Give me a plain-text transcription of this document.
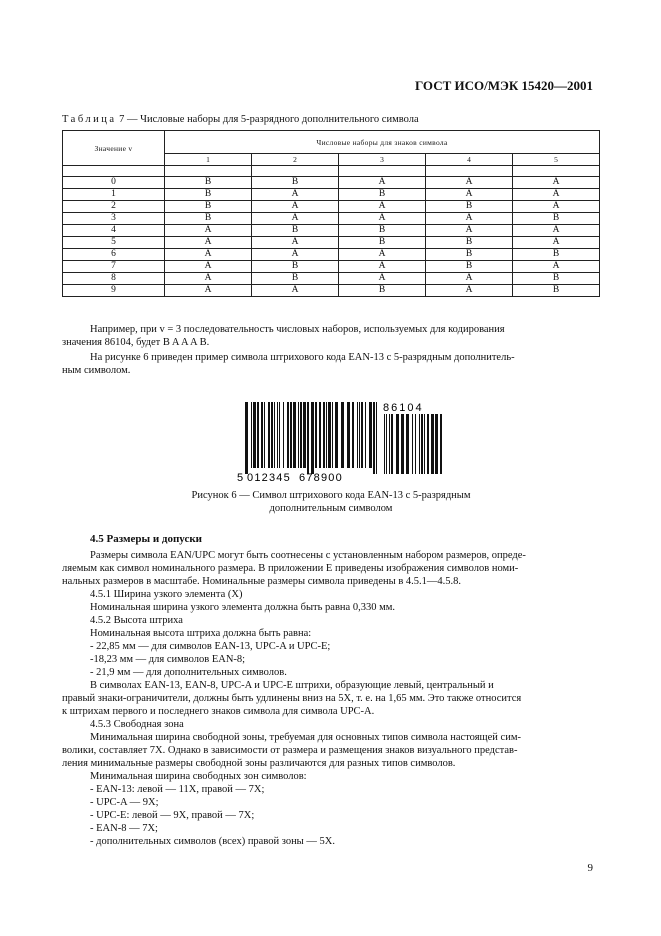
ГОСТ ИСО/МЭК 15420—2001
Таблица 7 — Числовые наборы для 5-разрядного дополнительного символа
Значение v	Числовые наборы для знаков символа				
	1	2	3	4	5

0	B	B	A	A	A
1	B	A	B	A	A
2	B	A	A	B	A
3	B	A	A	A	B
4	A	B	B	A	A
5	A	A	B	B	A
6	A	A	A	B	B
7	A	B	A	B	A
8	A	B	A	A	B
9	A	A	B	A	B

Например, при v = 3 последовательность числовых наборов, используемых для кодирования

значения 86104, будет B A A A B.

На рисунке 6 приведен пример символа штрихового кода EAN-13 с 5-разрядным дополнитель-

ным символом.

5 012345 678900
86104

Рисунок 6 — Символ штрихового кода EAN-13 с 5-разрядным

дополнительным символом

4.5 Размеры и допуски

Размеры символа EAN/UPC могут быть соотнесены с установленным набором размеров, опреде-

ляемым как символ номинального размера. В приложении Е приведены изображения символов номи-

нальных размеров в масштабе. Номинальные размеры символа приведены в 4.5.1—4.5.8.

4.5.1 Ширина узкого элемента (X)

Номинальная ширина узкого элемента должна быть равна 0,330 мм.

4.5.2 Высота штриха

Номинальная высота штриха должна быть равна:

- 22,85 мм — для символов EAN-13, UPC-A и UPC-E;

-18,23 мм — для символов EAN-8;

- 21,9 мм — для дополнительных символов.

В символах EAN-13, EAN-8, UPC-A и UPC-E штрихи, образующие левый, центральный и

правый знаки-ограничители, должны быть удлинены вниз на 5X, т. е. на 1,65 мм. Это также относится

к штрихам первого и последнего знаков символа для символа UPC-A.

4.5.3 Свободная зона

Минимальная ширина свободной зоны, требуемая для основных типов символа настоящей сим-

волики, составляет 7X. Однако в зависимости от размера и размещения знаков визуального представ-

ления минимальные размеры свободной зоны различаются для разных типов символов.

Минимальная ширина свободных зон символов:

- EAN-13: левой — 11X, правой — 7X;

- UPC-A — 9X;

- UPC-E: левой — 9X, правой — 7X;

- EAN-8 — 7X;

- дополнительных символов (всех) правой зоны — 5X.

9
